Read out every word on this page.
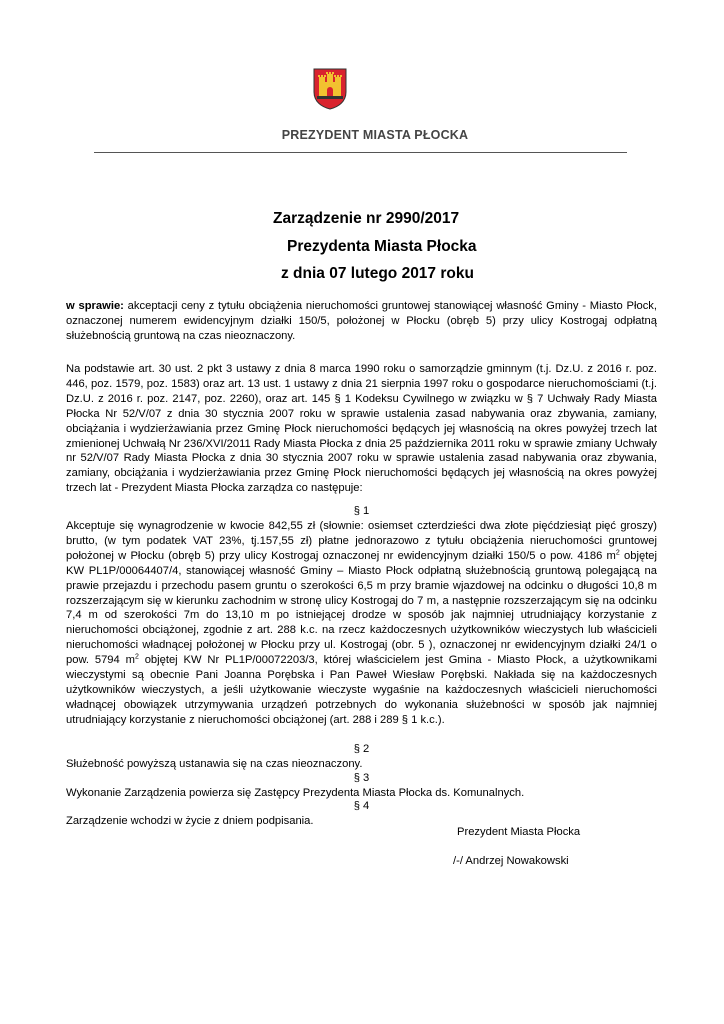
PREZYDENT MIASTA PŁOCKA
Zarządzenie nr 2990/2017
Prezydenta Miasta Płocka
z dnia 07 lutego 2017 roku
w sprawie: akceptacji ceny z tytułu obciążenia nieruchomości gruntowej stanowiącej własność Gminy - Miasto Płock, oznaczonej numerem ewidencyjnym działki 150/5, położonej w Płocku (obręb 5) przy ulicy Kostrogaj odpłatną służebnością gruntową na czas nieoznaczony.
Na podstawie art. 30 ust. 2 pkt 3 ustawy z dnia 8 marca 1990 roku o samorządzie gminnym (t.j. Dz.U. z 2016 r. poz. 446, poz. 1579, poz. 1583) oraz art. 13 ust. 1 ustawy z dnia 21 sierpnia 1997 roku o gospodarce nieruchomościami (t.j. Dz.U. z 2016 r. poz. 2147, poz. 2260), oraz art. 145 § 1 Kodeksu Cywilnego w związku w § 7 Uchwały Rady Miasta Płocka Nr 52/V/07 z dnia 30 stycznia 2007 roku w sprawie ustalenia zasad nabywania oraz zbywania, zamiany, obciążania i wydzierżawiania przez Gminę Płock nieruchomości będących jej własnością na okres powyżej trzech lat zmienionej Uchwałą Nr 236/XVI/2011 Rady Miasta Płocka z dnia 25 października 2011 roku w sprawie zmiany Uchwały nr 52/V/07 Rady Miasta Płocka z dnia 30 stycznia 2007 roku w sprawie ustalenia zasad nabywania oraz zbywania, zamiany, obciążania i wydzierżawiania przez Gminę Płock nieruchomości będących jej własnością na okres powyżej trzech lat - Prezydent Miasta Płocka zarządza co następuje:
§ 1
Akceptuje się wynagrodzenie w kwocie 842,55 zł (słownie: osiemset czterdzieści dwa złote pięćdziesiąt pięć groszy) brutto, (w tym podatek VAT 23%, tj.157,55 zł) płatne jednorazowo z tytułu obciążenia nieruchomości gruntowej położonej w Płocku (obręb 5) przy ulicy Kostrogaj oznaczonej nr ewidencyjnym działki 150/5 o pow. 4186 $m^2$ objętej KW PL1P/00064407/4, stanowiącej własność Gminy – Miasto Płock odpłatną służebnością gruntową polegającą na prawie przejazdu i przechodu pasem gruntu o szerokości 6,5 m przy bramie wjazdowej na odcinku o długości 10,8 m rozszerzającym się w kierunku zachodnim w stronę ulicy Kostrogaj do 7 m, a następnie rozszerzającym się na odcinku 7,4 m od szerokości 7m do 13,10 m po istniejącej drodze w sposób jak najmniej utrudniający korzystanie z nieruchomości obciążonej, zgodnie z art. 288 k.c. na rzecz każdoczesnych użytkowników wieczystych lub właścicieli nieruchomości władnącej położonej w Płocku przy ul. Kostrogaj (obr. 5 ), oznaczonej nr ewidencyjnym działki 24/1 o pow. 5794 $m^2$ objętej KW Nr PL1P/00072203/3, której właścicielem jest Gmina - Miasto Płock, a użytkownikami wieczystymi są obecnie Pani Joanna Porębska i Pan Paweł Wiesław Porębski. Nakłada się na każdoczesnych użytkowników wieczystych, a jeśli użytkowanie wieczyste wygaśnie na każdoczesnych właścicieli nieruchomości władnącej obowiązek utrzymywania urządzeń potrzebnych do wykonania służebności w sposób jak najmniej utrudniający korzystanie z nieruchomości obciążonej (art. 288 i 289 § 1 k.c.).
§ 2
Służebność powyższą ustanawia się na czas nieoznaczony.
§ 3
Wykonanie Zarządzenia powierza się Zastępcy Prezydenta Miasta Płocka ds. Komunalnych.
§ 4
Zarządzenie wchodzi w życie z dniem podpisania.
Prezydent Miasta Płocka
/-/ Andrzej Nowakowski
